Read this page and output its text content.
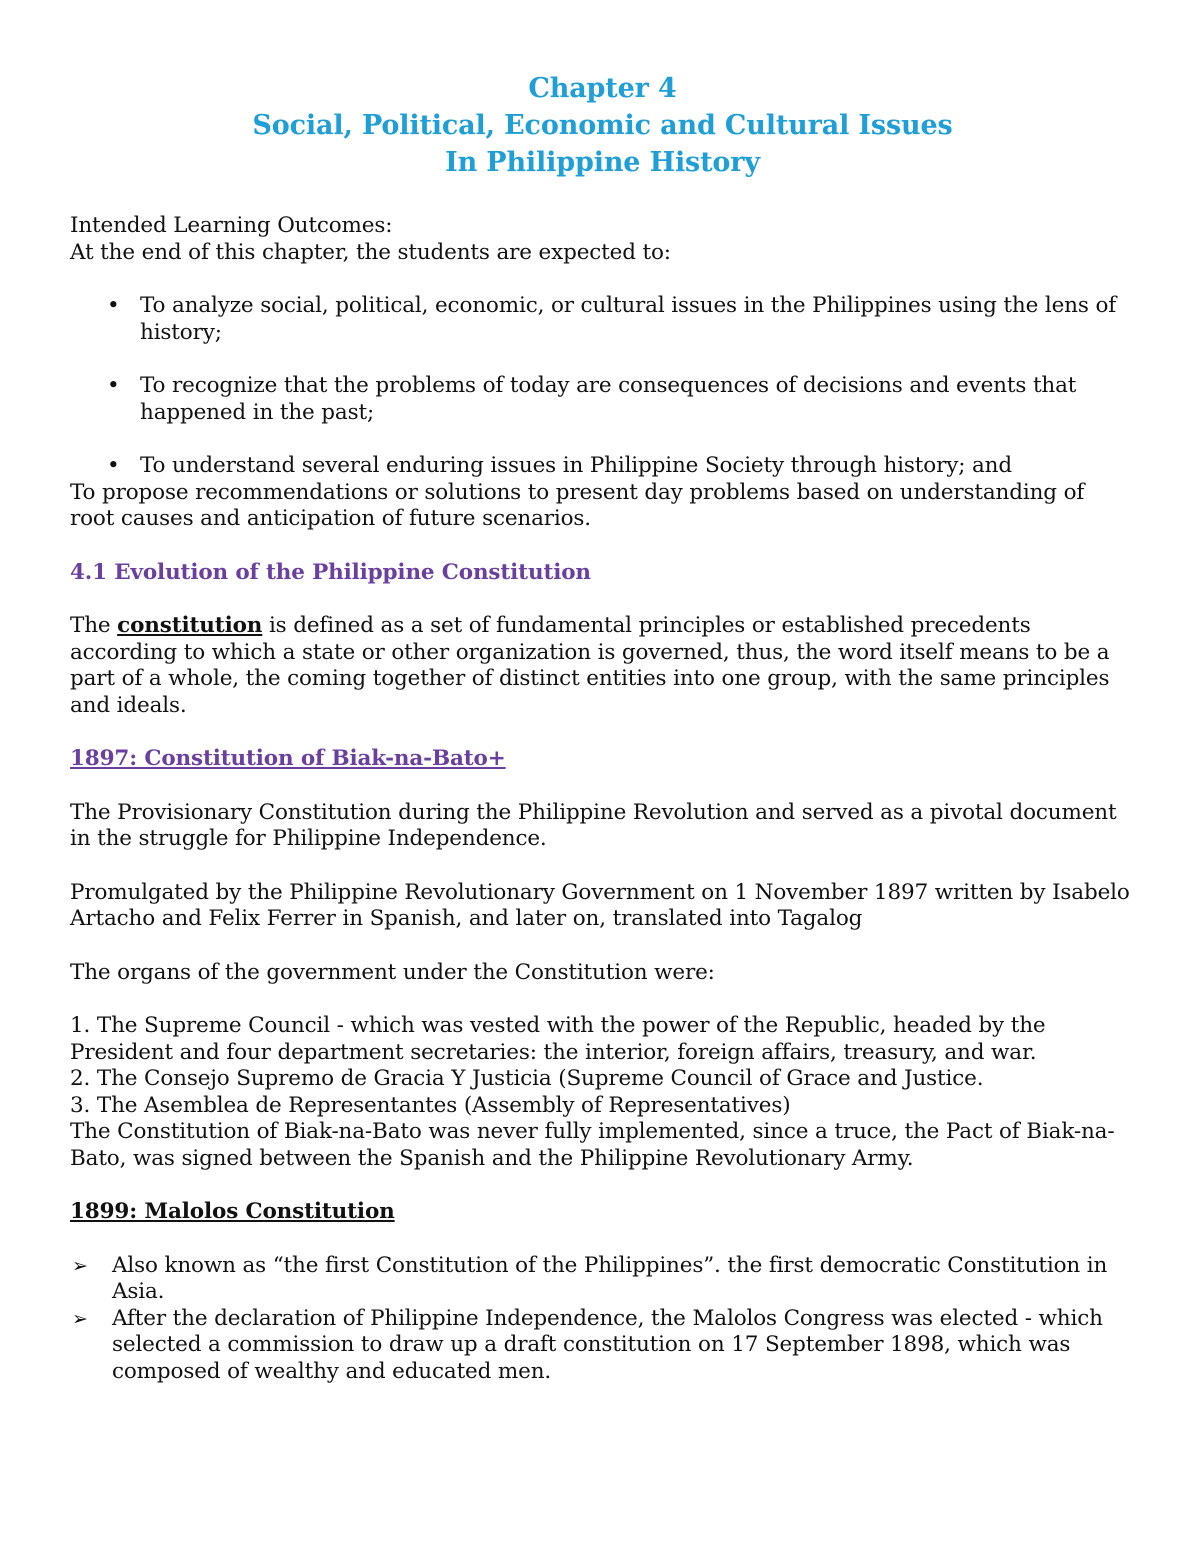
Chapter 4
Social, Political, Economic and Cultural Issues
In Philippine History

Intended Learning Outcomes:

At the end of this chapter, the students are expected to:

• To analyze social, political, economic, or cultural issues in the Philippines using the lens of history;
• To recognize that the problems of today are consequences of decisions and events that happened in the past;
• To understand several enduring issues in Philippine Society through history; and

To propose recommendations or solutions to present day problems based on understanding of root causes and anticipation of future scenarios.

4.1 Evolution of the Philippine Constitution

The constitution is defined as a set of fundamental principles or established precedents according to which a state or other organization is governed, thus, the word itself means to be a part of a whole, the coming together of distinct entities into one group, with the same principles and ideals.

1897: Constitution of Biak-na-Bato+

The Provisionary Constitution during the Philippine Revolution and served as a pivotal document in the struggle for Philippine Independence.

Promulgated by the Philippine Revolutionary Government on 1 November 1897 written by Isabelo Artacho and Felix Ferrer in Spanish, and later on, translated into Tagalog

The organs of the government under the Constitution were:

1. The Supreme Council - which was vested with the power of the Republic, headed by the President and four department secretaries: the interior, foreign affairs, treasury, and war.

2. The Consejo Supremo de Gracia Y Justicia (Supreme Council of Grace and Justice.

3. The Asemblea de Representantes (Assembly of Representatives)

The Constitution of Biak-na-Bato was never fully implemented, since a truce, the Pact of Biak-na-Bato, was signed between the Spanish and the Philippine Revolutionary Army.

1899: Malolos Constitution

➢ Also known as “the first Constitution of the Philippines”. the first democratic Constitution in Asia.
➢ After the declaration of Philippine Independence, the Malolos Congress was elected - which selected a commission to draw up a draft constitution on 17 September 1898, which was composed of wealthy and educated men.
